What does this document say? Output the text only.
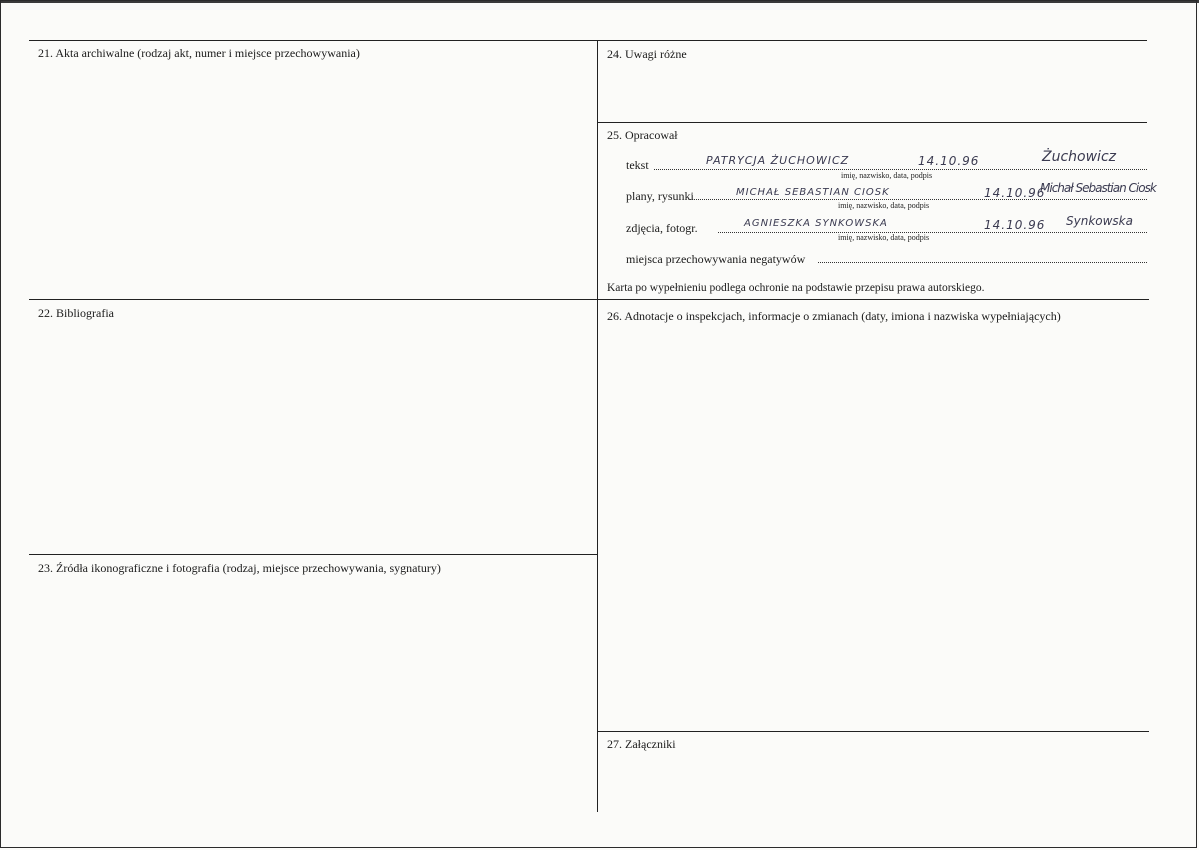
21. Akta archiwalne (rodzaj akt, numer i miejsce przechowywania)
22. Bibliografia
23. Źródła ikonograficzne i fotografia (rodzaj, miejsce przechowywania, sygnatury)
24. Uwagi różne
25. Opracował
26. Adnotacje o inspekcjach, informacje o zmianach (daty, imiona i nazwiska wypełniających)
27. Załączniki
tekst	PATRYCJA ŻUCHOWICZ	14.10.96	Żuchowicz
imię, nazwisko, data, podpis
plany, rysunki	MICHAŁ SEBASTIAN CIOSK	14.10.96
Michał Sebastian Ciosk
imię, nazwisko, data, podpis
zdjęcia, fotogr.	AGNIESZKA SYNKOWSKA	14.10.96 Synkowska
imię, nazwisko, data, podpis
miejsca przechowywania negatywów
Karta po wypełnieniu podlega ochronie na podstawie przepisu prawa autorskiego.
